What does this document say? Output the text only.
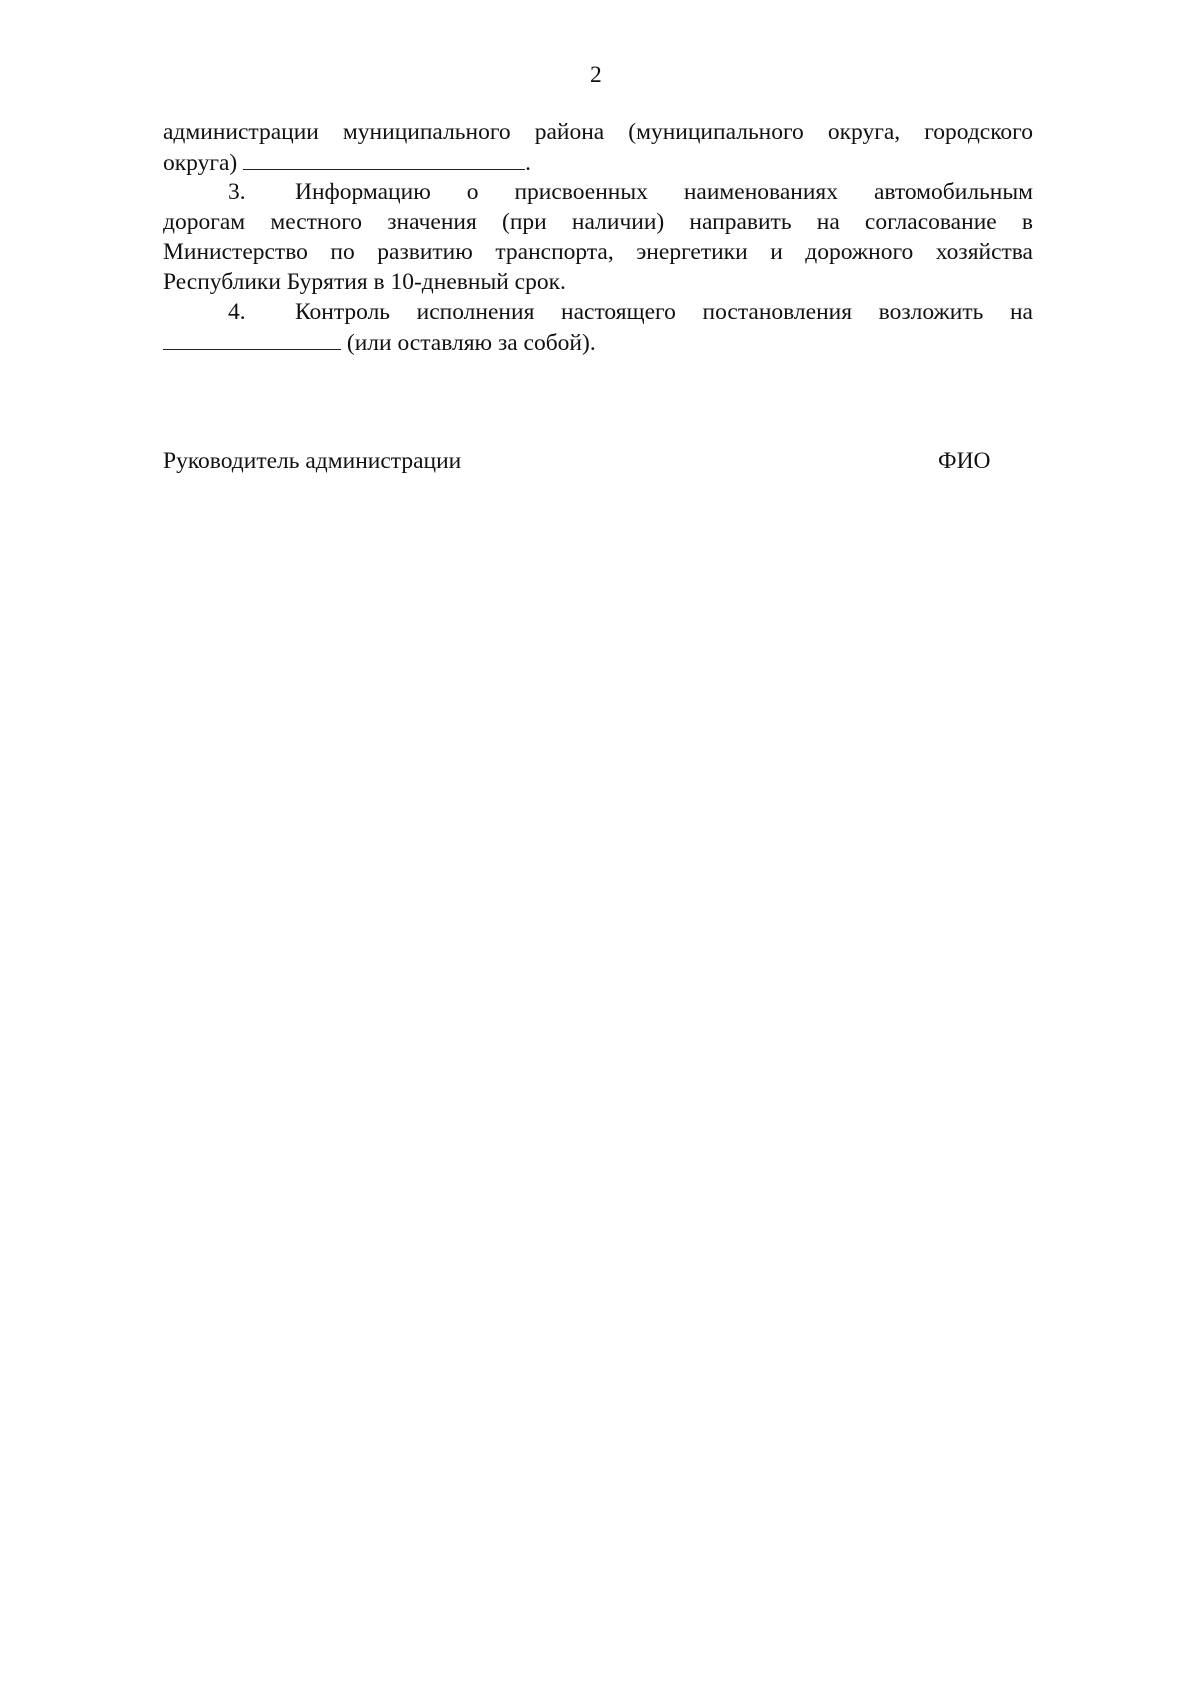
2
администрации муниципального района (муниципального округа, городского
округа)	.
3. Информацию о присвоенных наименованиях автомобильным
дорогам местного значения (при наличии) направить на согласование в
Министерство по развитию транспорта, энергетики и дорожного хозяйства
Республики Бурятия в 10-дневный срок.
4. Контроль исполнения настоящего постановления возложить на
(или оставляю за собой).
Руководитель администрации	ФИО
